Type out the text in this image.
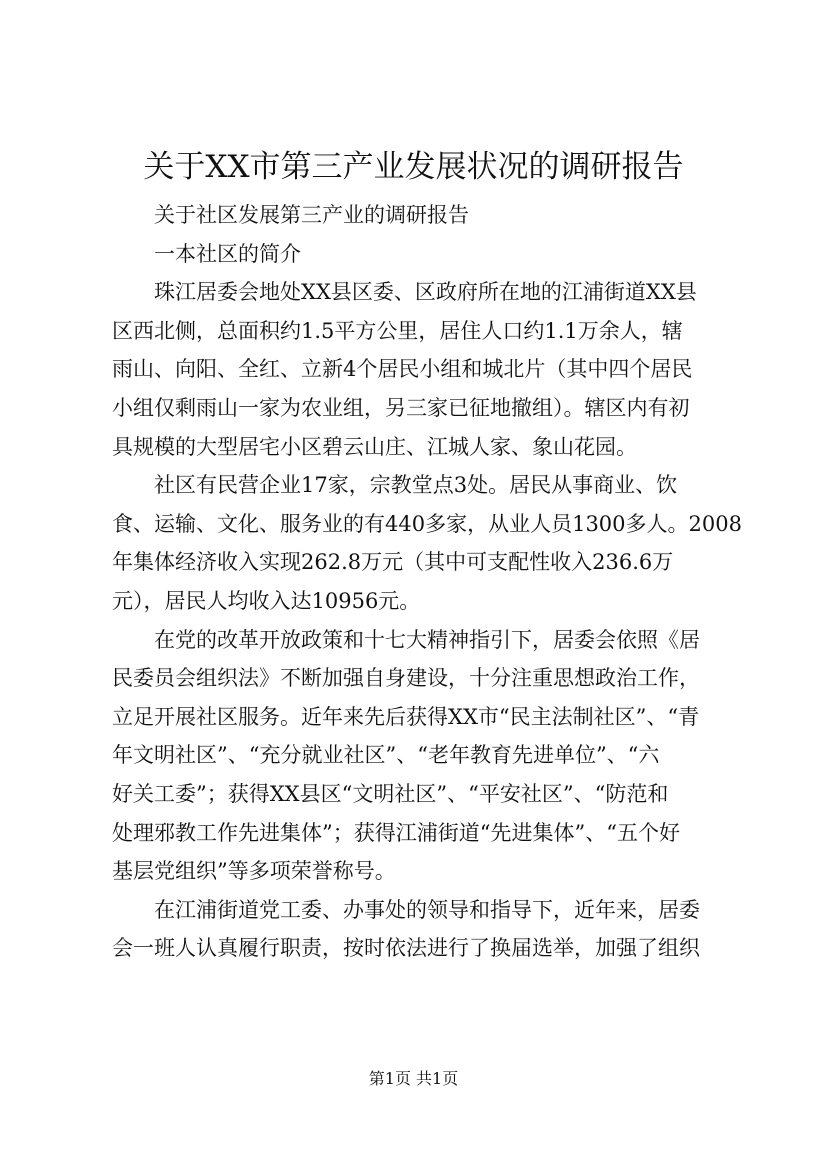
关于XX市第三产业发展状况的调研报告
关于社区发展第三产业的调研报告
一本社区的简介
珠江居委会地处XX县区委、区政府所在地的江浦街道XX县
区西北侧，总面积约1.5平方公里，居住人口约1.1万余人，辖
雨山、向阳、全红、立新4个居民小组和城北片（其中四个居民
小组仅剩雨山一家为农业组，另三家已征地撤组）。辖区内有初
具规模的大型居宅小区碧云山庄、江城人家、象山花园。
社区有民营企业17家，宗教堂点3处。居民从事商业、饮
食、运输、文化、服务业的有440多家，从业人员1300多人。2008
年集体经济收入实现262.8万元（其中可支配性收入236.6万
元），居民人均收入达10956元。
在党的改革开放政策和十七大精神指引下，居委会依照《居
民委员会组织法》不断加强自身建设，十分注重思想政治工作，
立足开展社区服务。近年来先后获得XX市“民主法制社区”、“青
年文明社区”、“充分就业社区”、“老年教育先进单位”、“六
好关工委”；获得XX县区“文明社区”、“平安社区”、“防范和
处理邪教工作先进集体”；获得江浦街道“先进集体”、“五个好
基层党组织”等多项荣誉称号。
在江浦街道党工委、办事处的领导和指导下，近年来，居委
会一班人认真履行职责，按时依法进行了换届选举，加强了组织
第1页 共1页
